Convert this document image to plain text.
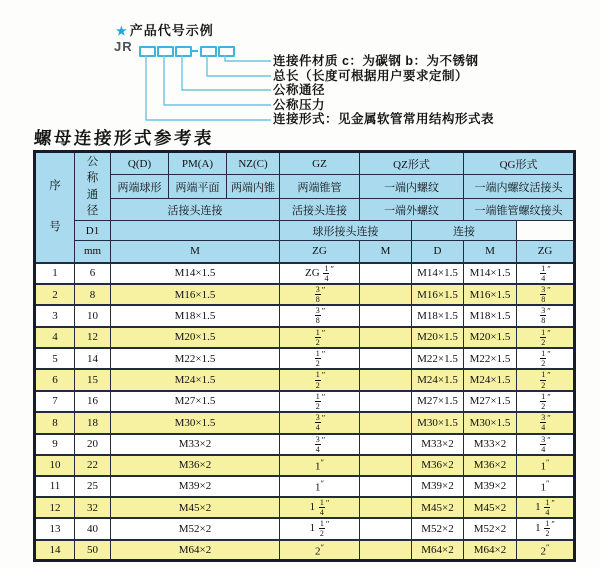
★ 产品代号示例
JR
连接件材质 c：为碳钢 b：为不锈钢
总长（长度可根据用户要求定制）
公称通径
公称压力
连接形式：见金属软管常用结构形式表
螺母连接形式参考表
序号	公称通径	Q(D)	PM(A)	NZ(C)	GZ	QZ形式		QG形式	
		两端球形	两端平面	两端内锥	两端锥管	一端内螺纹		一端内螺纹活接头	
		活接头连接			活接头连接	一端外螺纹		一端锥管螺纹接头	
	D1				球形接头连接		连接		
	mm	M			ZG	M	D	M	ZG
1	6	M14×1.5			ZG $\frac{1}{4} ''$		M14×1.5	M14×1.5	$\frac{1}{4} ''$
2	8	M16×1.5			$\frac{3}{8} ''$		M16×1.5	M16×1.5	$\frac{3}{8} ''$
3	10	M18×1.5			$\frac{3}{8} ''$		M18×1.5	M18×1.5	$\frac{3}{8} ''$
4	12	M20×1.5			$\frac{1}{2} ''$		M20×1.5	M20×1.5	$\frac{1}{2} ''$
5	14	M22×1.5			$\frac{1}{2} ''$		M22×1.5	M22×1.5	$\frac{1}{2} ''$
6	15	M24×1.5			$\frac{1}{2} ''$		M24×1.5	M24×1.5	$\frac{1}{2} ''$
7	16	M27×1.5			$\frac{1}{2} ''$		M27×1.5	M27×1.5	$\frac{1}{2} ''$
8	18	M30×1.5			$\frac{3}{4} ''$		M30×1.5	M30×1.5	$\frac{3}{4} ''$
9	20	M33×2			$\frac{3}{4} ''$		M33×2	M33×2	$\frac{3}{4} ''$
10	22	M36×2			1″		M36×2	M36×2	1″
11	25	M39×2			1″		M39×2	M39×2	1″
12	32	M45×2			$1 \frac{1}{4} ''$		M45×2	M45×2	$1 \frac{1}{4} ''$
13	40	M52×2			$1 \frac{1}{2} ''$		M52×2	M52×2	$1 \frac{1}{2} ''$
14	50	M64×2			2″		M64×2	M64×2	2″
